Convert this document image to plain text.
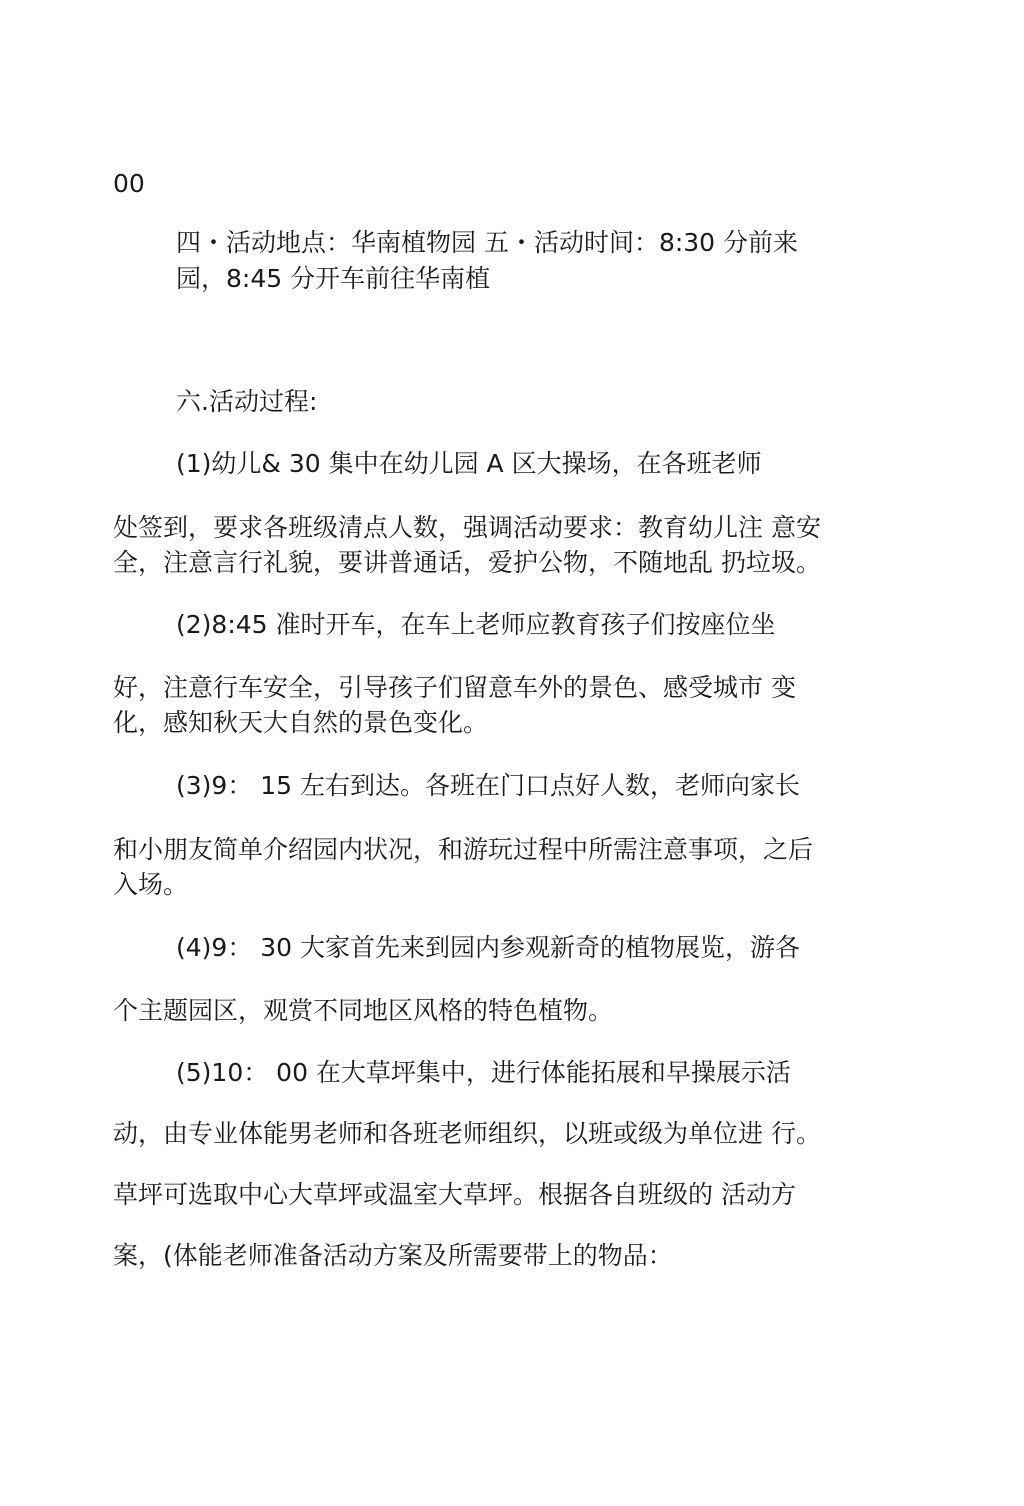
00
四・活动地点：华南植物园 五・活动时间：8:30 分前来
园，8:45 分开车前往华南植
六.活动过程:
(1)幼儿& 30 集中在幼儿园 A 区大操场，在各班老师
处签到，要求各班级清点人数，强调活动要求：教育幼儿注 意安
全，注意言行礼貌，要讲普通话，爱护公物，不随地乱 扔垃圾。
(2)8:45 准时开车，在车上老师应教育孩子们按座位坐
好，注意行车安全，引导孩子们留意车外的景色、感受城市 变
化，感知秋天大自然的景色变化。
(3)9： 15 左右到达。各班在门口点好人数，老师向家长
和小朋友简单介绍园内状况，和游玩过程中所需注意事项，之后
入场。
(4)9： 30 大家首先来到园内参观新奇的植物展览，游各
个主题园区，观赏不同地区风格的特色植物。
(5)10： 00 在大草坪集中，进行体能拓展和早操展示活
动，由专业体能男老师和各班老师组织，以班或级为单位进 行。
草坪可选取中心大草坪或温室大草坪。根据各自班级的 活动方
案，(体能老师准备活动方案及所需要带上的物品：
